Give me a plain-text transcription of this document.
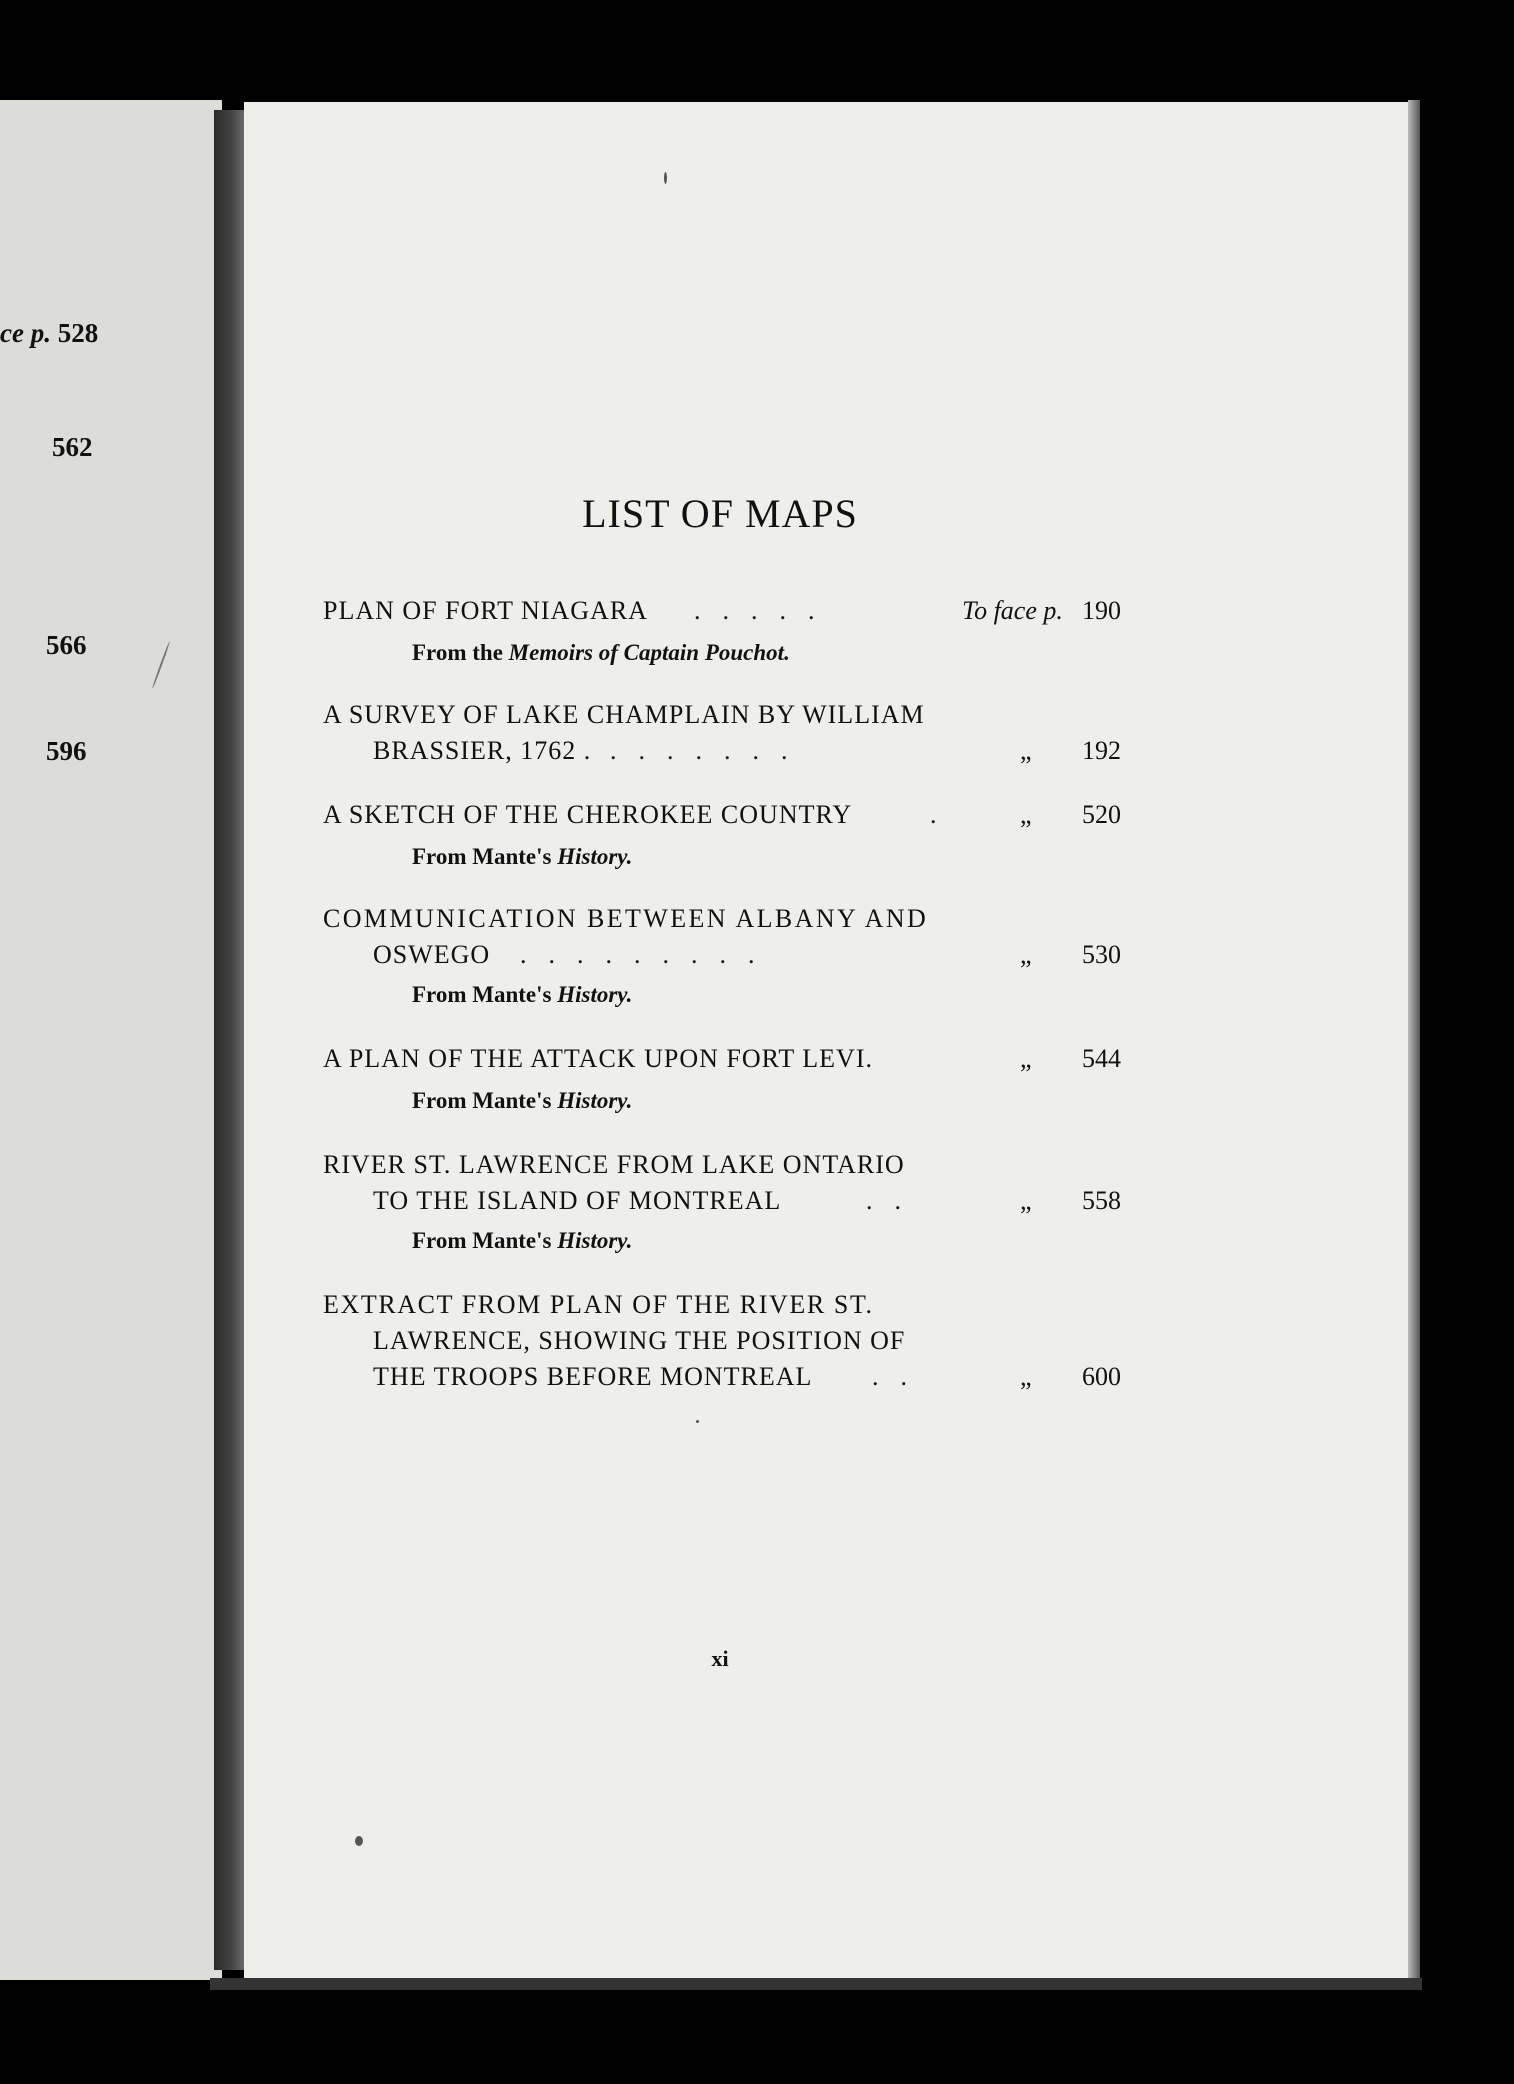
ce p. 528
562
566
596
LIST OF MAPS
PLAN OF FORT NIAGARA .....	To face p. 190
From the Memoirs of Captain Pouchot.
A SURVEY OF LAKE CHAMPLAIN BY WILLIAM
BRASSIER, 1762 . .......	„ 192
A SKETCH OF THE CHEROKEE COUNTRY	. „ 520
From Mante's History.
COMMUNICATION BETWEEN ALBANY AND
OSWEGO .........	„ 530
From Mante's History.
A PLAN OF THE ATTACK UPON FORT LEVI.	„ 544
From Mante's History.
RIVER ST. LAWRENCE FROM LAKE ONTARIO
TO THE ISLAND OF MONTREAL	..	„ 558
From Mante's History.
EXTRACT FROM PLAN OF THE RIVER ST.
LAWRENCE, SHOWING THE POSITION OF
THE TROOPS BEFORE MONTREAL ..	„ 600
xi
